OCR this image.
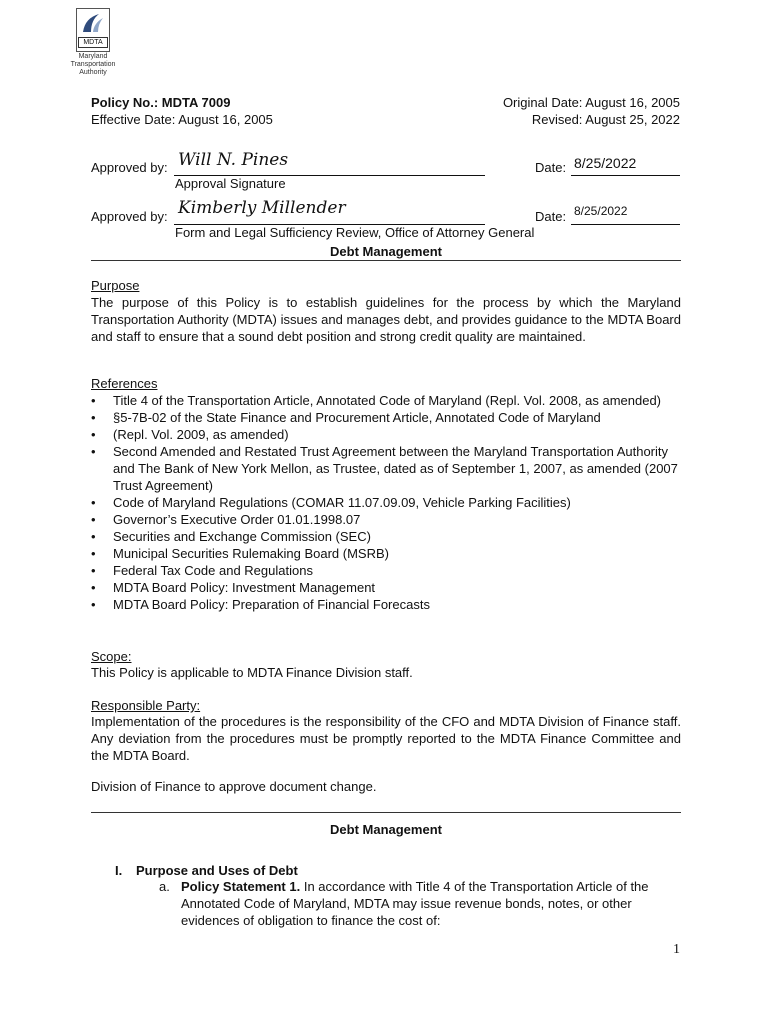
MDTA
Maryland
Transportation
Authority
Policy No.: MDTA 7009
Effective Date: August 16, 2005
Original Date: August 16, 2005
Revised: August 25, 2022
Approved by: Will N. Pines
Approval Signature
Date: 8/25/2022
Approved by: Kimberly Millender
Form and Legal Sufficiency Review, Office of Attorney General
Date: 8/25/2022
Debt Management
Purpose
The purpose of this Policy is to establish guidelines for the process by which the Maryland Transportation Authority (MDTA) issues and manages debt, and provides guidance to the MDTA Board and staff to ensure that a sound debt position and strong credit quality are maintained.
References
• Title 4 of the Transportation Article, Annotated Code of Maryland (Repl. Vol. 2008, as amended)
• §5-7B-02 of the State Finance and Procurement Article, Annotated Code of Maryland
• (Repl. Vol. 2009, as amended)
• Second Amended and Restated Trust Agreement between the Maryland Transportation Authority and The Bank of New York Mellon, as Trustee, dated as of September 1, 2007, as amended (2007 Trust Agreement)
• Code of Maryland Regulations (COMAR 11.07.09.09, Vehicle Parking Facilities)
• Governor’s Executive Order 01.01.1998.07
• Securities and Exchange Commission (SEC)
• Municipal Securities Rulemaking Board (MSRB)
• Federal Tax Code and Regulations
• MDTA Board Policy: Investment Management
• MDTA Board Policy: Preparation of Financial Forecasts
Scope:
This Policy is applicable to MDTA Finance Division staff.
Responsible Party:
Implementation of the procedures is the responsibility of the CFO and MDTA Division of Finance staff. Any deviation from the procedures must be promptly reported to the MDTA Finance Committee and the MDTA Board.
Division of Finance to approve document change.
Debt Management
I. Purpose and Uses of Debt
a. Policy Statement 1. In accordance with Title 4 of the Transportation Article of the Annotated Code of Maryland, MDTA may issue revenue bonds, notes, or other evidences of obligation to finance the cost of:
1
